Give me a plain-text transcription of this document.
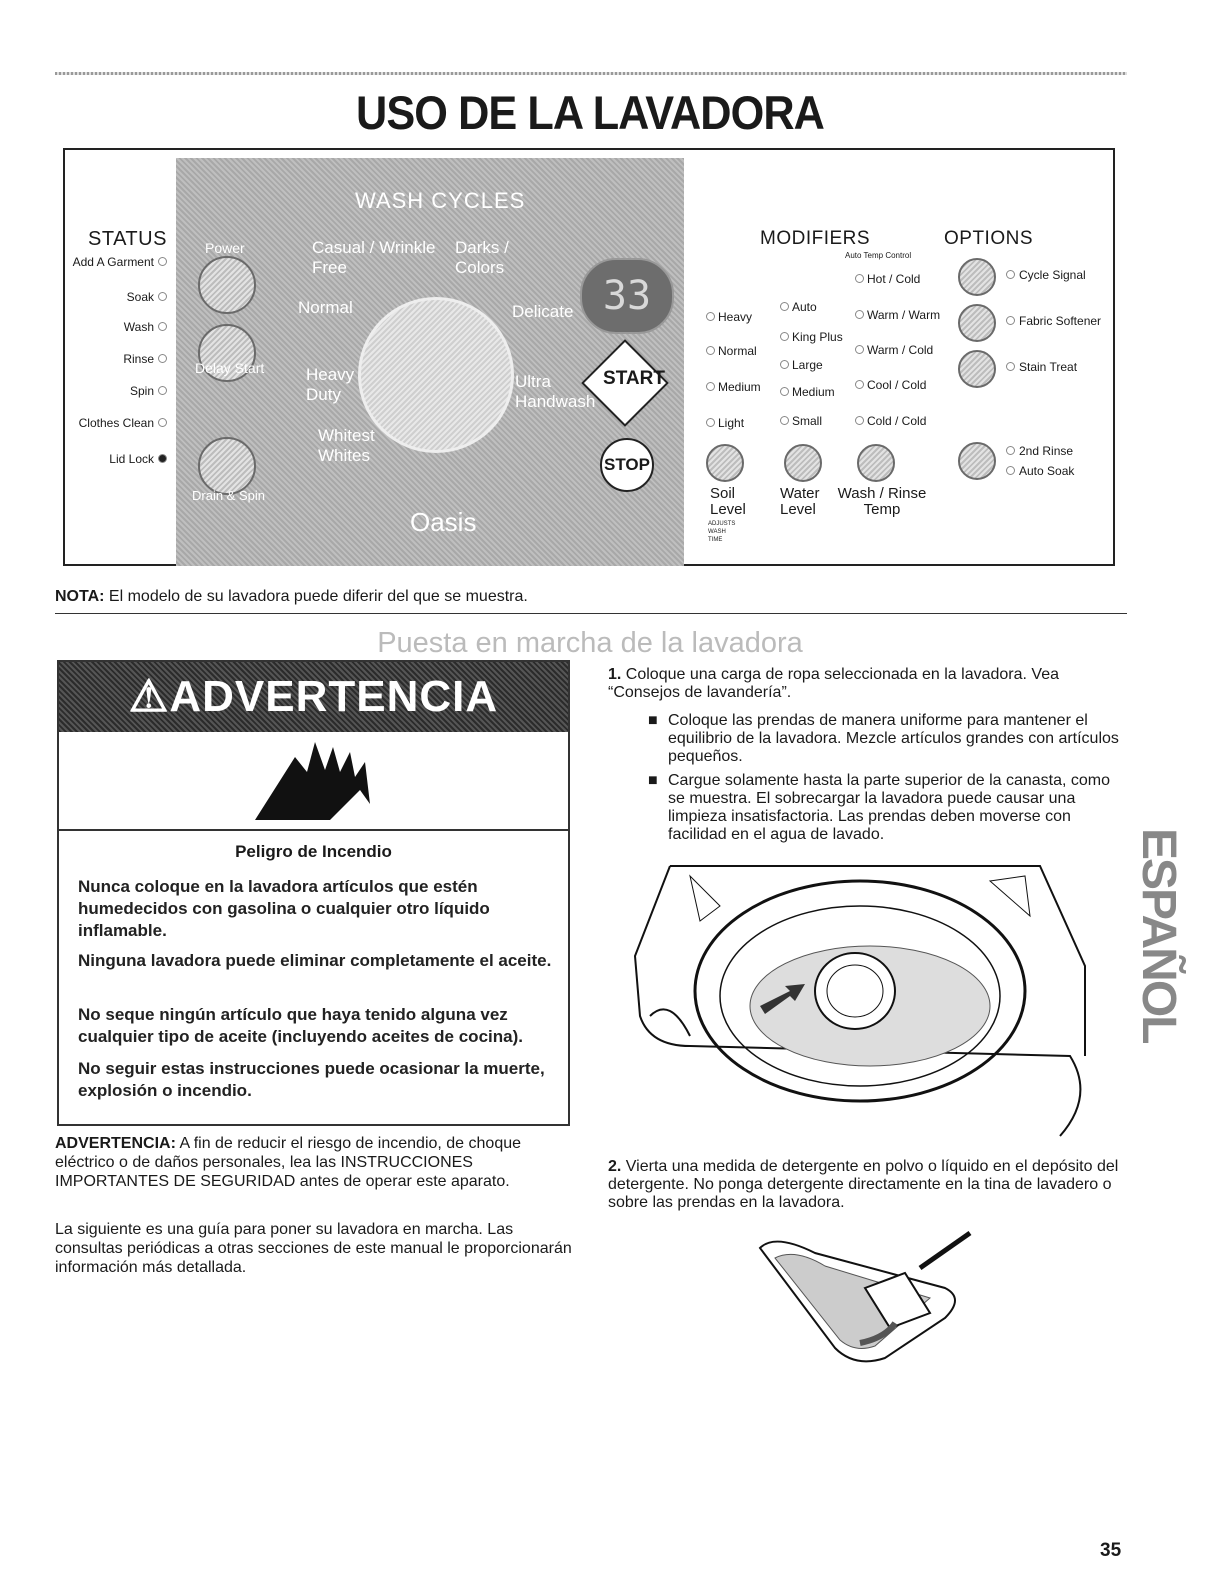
USO DE LA LAVADORA
STATUS
Add A Garment
Soak
Wash
Rinse
Spin
Clothes Clean
Lid Lock
WASH CYCLES
Power
Delay Start
Drain & Spin
Casual / Wrinkle Free
Darks / Colors
Normal	Delicate
Heavy Duty
Ultra Handwash
Whitest Whites
33
START
STOP
Oasis
MODIFIERS
Auto Temp Control
Heavy
Normal
Medium
Light
Auto
King Plus
Large
Medium
Small
Hot / Cold
Warm / Warm
Warm / Cold
Cool / Cold
Cold / Cold
Soil Level
ADJUSTS WASH TIME
Water Level
Wash / Rinse Temp
OPTIONS
Cycle Signal
Fabric Softener
Stain Treat
2nd Rinse
Auto Soak
NOTA: El modelo de su lavadora puede diferir del que se muestra.
Puesta en marcha de la lavadora
⚠ADVERTENCIA
Peligro de Incendio
Nunca coloque en la lavadora artículos que estén humedecidos con gasolina o cualquier otro líquido inflamable.
Ninguna lavadora puede eliminar completamente el aceite.
No seque ningún artículo que haya tenido alguna vez cualquier tipo de aceite (incluyendo aceites de cocina).
No seguir estas instrucciones puede ocasionar la muerte, explosión o incendio.
ADVERTENCIA: A fin de reducir el riesgo de incendio, de choque eléctrico o de daños personales, lea las INSTRUCCIONES IMPORTANTES DE SEGURIDAD antes de operar este aparato.
La siguiente es una guía para poner su lavadora en marcha. Las consultas periódicas a otras secciones de este manual le proporcionarán información más detallada.
1. Coloque una carga de ropa seleccionada en la lavadora. Vea “Consejos de lavandería”.
■ Coloque las prendas de manera uniforme para mantener el equilibrio de la lavadora. Mezcle artículos grandes con artículos pequeños.
■ Cargue solamente hasta la parte superior de la canasta, como se muestra. El sobrecargar la lavadora puede causar una limpieza insatisfactoria. Las prendas deben moverse con facilidad en el agua de lavado.
2. Vierta una medida de detergente en polvo o líquido en el depósito del detergente. No ponga detergente directamente en la tina de lavadero o sobre las prendas en la lavadora.
ESPAÑOL
35
